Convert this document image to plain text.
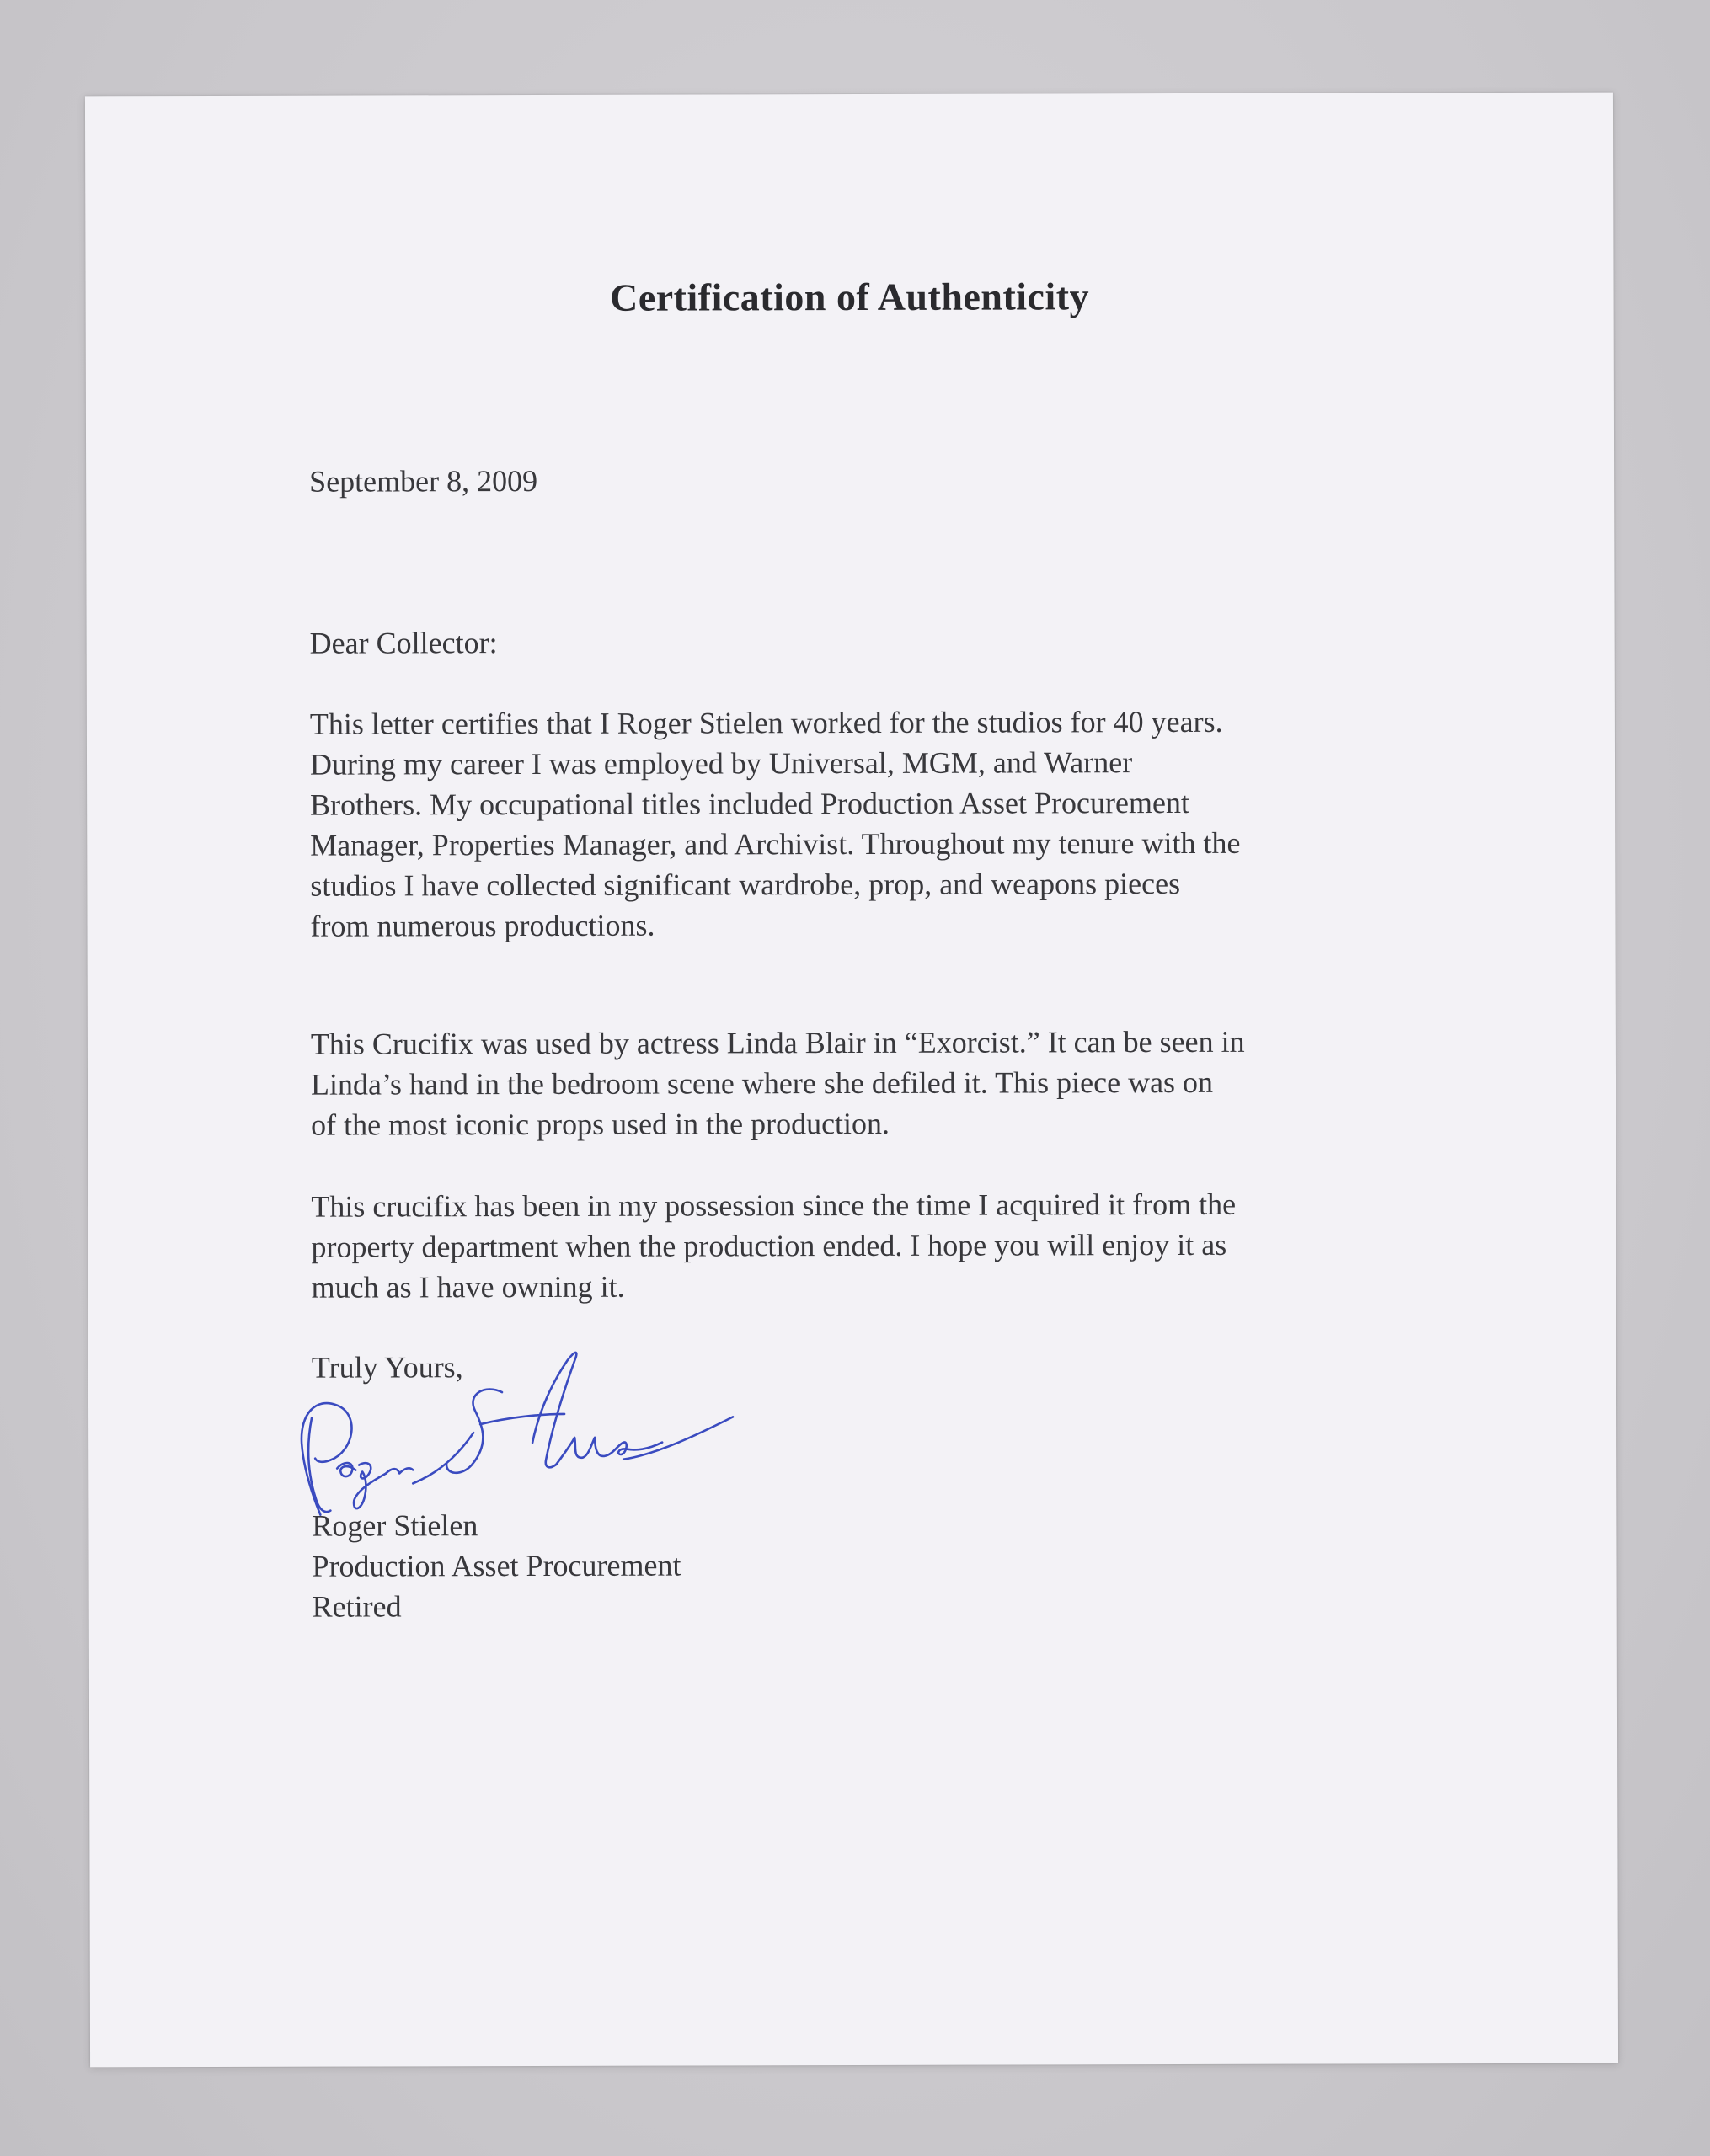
Certification of Authenticity

September 8, 2009

Dear Collector:

This letter certifies that I Roger Stielen worked for the studios for 40 years.
During my career I was employed by Universal, MGM, and Warner
Brothers. My occupational titles included Production Asset Procurement
Manager, Properties Manager, and Archivist. Throughout my tenure with the
studios I have collected significant wardrobe, prop, and weapons pieces
from numerous productions.

This Crucifix was used by actress Linda Blair in “Exorcist.” It can be seen in
Linda’s hand in the bedroom scene where she defiled it. This piece was on
of the most iconic props used in the production.

This crucifix has been in my possession since the time I acquired it from the
property department when the production ended. I hope you will enjoy it as
much as I have owning it.

Truly Yours,

Roger Stielen

Production Asset Procurement

Retired
